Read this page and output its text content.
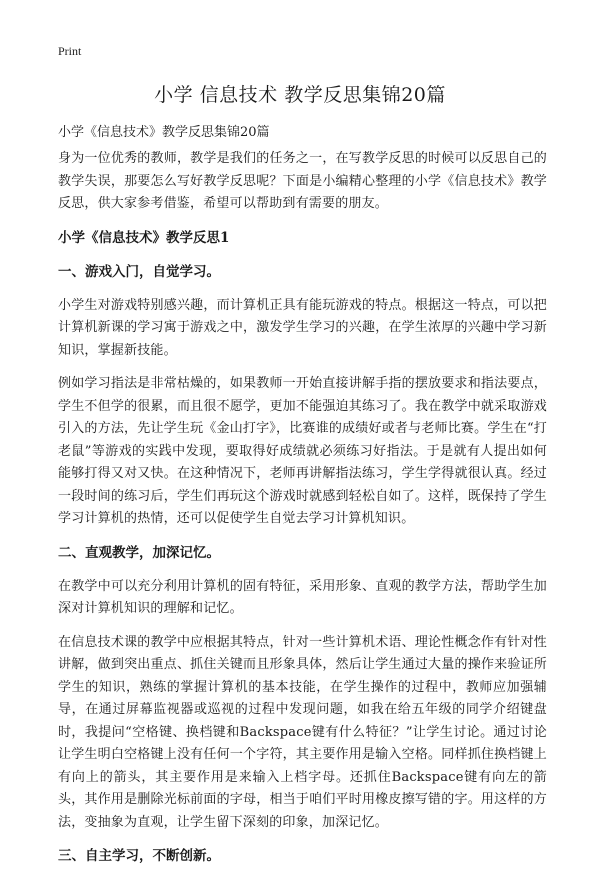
Print
小学 信息技术 教学反思集锦20篇

小学《信息技术》教学反思集锦20篇

身为一位优秀的教师，教学是我们的任务之一，在写教学反思的时候可以反思自己的教学失误，那要怎么写好教学反思呢？下面是小编精心整理的小学《信息技术》教学反思，供大家参考借鉴，希望可以帮助到有需要的朋友。

小学《信息技术》教学反思1
一、游戏入门，自觉学习。

小学生对游戏特别感兴趣，而计算机正具有能玩游戏的特点。根据这一特点，可以把计算机新课的学习寓于游戏之中，激发学生学习的兴趣，在学生浓厚的兴趣中学习新知识，掌握新技能。

例如学习指法是非常枯燥的，如果教师一开始直接讲解手指的摆放要求和指法要点，学生不但学的很累，而且很不愿学，更加不能强迫其练习了。我在教学中就采取游戏引入的方法，先让学生玩《金山打字》，比赛谁的成绩好或者与老师比赛。学生在“打老鼠”等游戏的实践中发现，要取得好成绩就必须练习好指法。于是就有人提出如何能够打得又对又快。在这种情况下，老师再讲解指法练习，学生学得就很认真。经过一段时间的练习后，学生们再玩这个游戏时就感到轻松自如了。这样，既保持了学生学习计算机的热情，还可以促使学生自觉去学习计算机知识。

二、直观教学，加深记忆。

在教学中可以充分利用计算机的固有特征，采用形象、直观的教学方法，帮助学生加深对计算机知识的理解和记忆。

在信息技术课的教学中应根据其特点，针对一些计算机术语、理论性概念作有针对性讲解，做到突出重点、抓住关键而且形象具体，然后让学生通过大量的操作来验证所学生的知识，熟练的掌握计算机的基本技能，在学生操作的过程中，教师应加强辅导，在通过屏幕监视器或巡视的过程中发现问题，如我在给五年级的同学介绍键盘时，我提问“空格键、换档键和Backspace键有什么特征？”让学生讨论。通过讨论让学生明白空格键上没有任何一个字符，其主要作用是输入空格。同样抓住换档键上有向上的箭头，其主要作用是来输入上档字母。还抓住Backspace键有向左的箭头，其作用是删除光标前面的字母，相当于咱们平时用橡皮擦写错的字。用这样的方法，变抽象为直观，让学生留下深刻的印象，加深记忆。

三、自主学习，不断创新。
